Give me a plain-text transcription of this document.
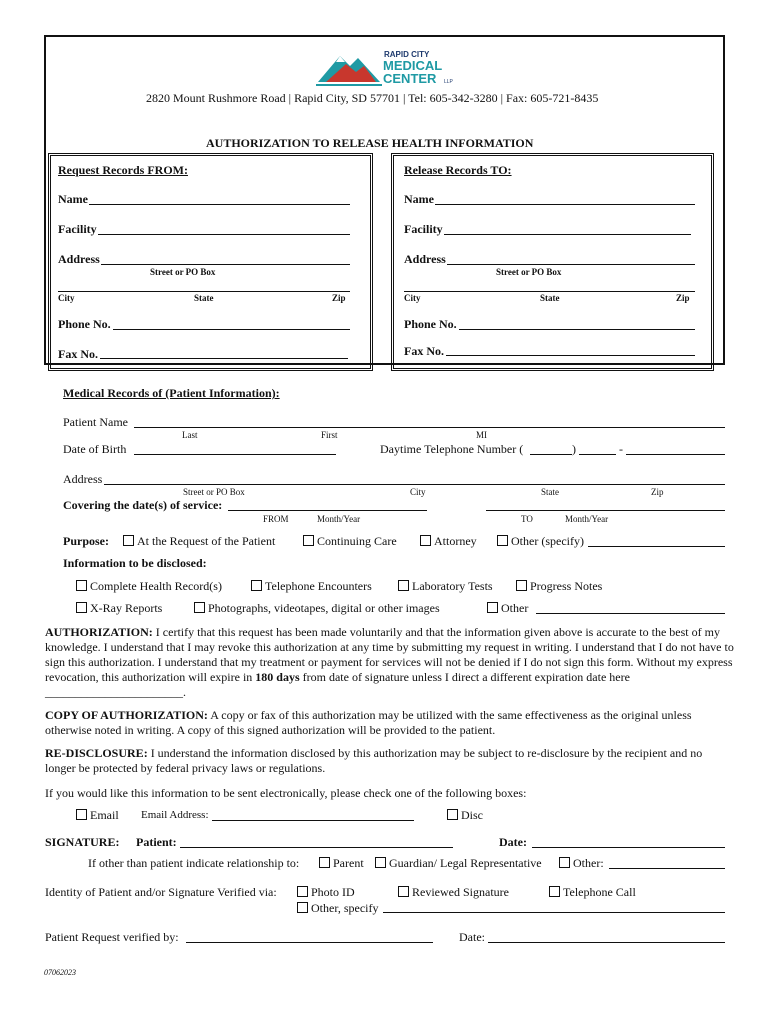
RAPID CITY
MEDICAL
CENTER LLP
2820 Mount Rushmore Road | Rapid City, SD 57701 | Tel: 605-342-3280 | Fax: 605-721-8435
AUTHORIZATION TO RELEASE HEALTH INFORMATION
Request Records FROM:
Name
Facility
Address
Street or PO Box
City	State	Zip
Phone No.
Fax No.
Release Records TO:
Name
Facility
Address
Street or PO Box
City	State	Zip
Phone No.
Fax No.
Medical Records of (Patient Information):
Patient Name
Last	First	MI
Date of Birth	Daytime Telephone Number (	)	-
Address
Street or PO Box	City	State	Zip
Covering the date(s) of service:
FROM	Month/Year	TO	Month/Year
Purpose:	At the Request of the Patient	Continuing Care	Attorney	Other (specify)
Information to be disclosed:
Complete Health Record(s)	Telephone Encounters	Laboratory Tests	Progress Notes
X-Ray Reports	Photographs, videotapes, digital or other images	Other
AUTHORIZATION: I certify that this request has been made voluntarily and that the information given above is accurate to the best of my knowledge. I understand that I may revoke this authorization at any time by submitting my request in writing. I understand that I do not have to sign this authorization. I understand that my treatment or payment for services will not be denied if I do not sign this form. Without my express revocation, this authorization will expire in 180 days from date of signature unless I direct a different expiration date here _______________________.
COPY OF AUTHORIZATION: A copy or fax of this authorization may be utilized with the same effectiveness as the original unless otherwise noted in writing. A copy of this signed authorization will be provided to the patient.
RE-DISCLOSURE: I understand the information disclosed by this authorization may be subject to re-disclosure by the recipient and no longer be protected by federal privacy laws or regulations.
If you would like this information to be sent electronically, please check one of the following boxes:
Email Email Address:	Disc
SIGNATURE: Patient:	Date:
If other than patient indicate relationship to:	Parent	Guardian/ Legal Representative	Other:
Identity of Patient and/or Signature Verified via:	Photo ID	Reviewed Signature	Telephone Call
Other, specify
Patient Request verified by:	Date:
07062023
